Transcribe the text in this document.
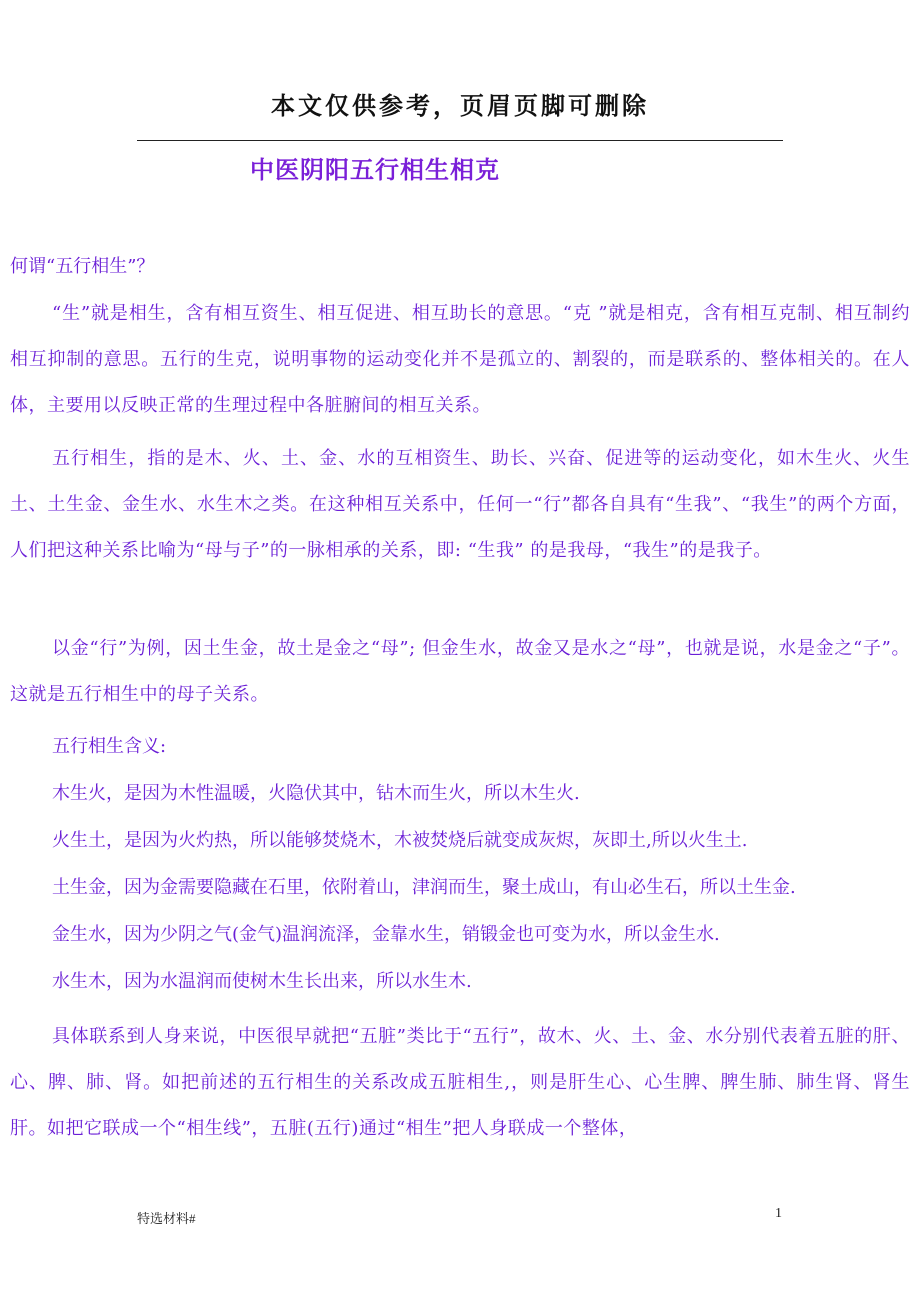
本文仅供参考，页眉页脚可删除
中医阴阳五行相生相克
何谓“五行相生”？
“生”就是相生，含有相互资生、相互促进、相互助长的意思。“克 ”就是相克，含有相互克制、相互制约相互抑制的意思。五行的生克，说明事物的运动变化并不是孤立的、割裂的，而是联系的、整体相关的。在人体，主要用以反映正常的生理过程中各脏腑间的相互关系。
五行相生，指的是木、火、土、金、水的互相资生、助长、兴奋、促进等的运动变化，如木生火、火生土、土生金、金生水、水生木之类。在这种相互关系中，任何一“行”都各自具有“生我”、“我生”的两个方面，人们把这种关系比喻为“母与子”的一脉相承的关系，即: “生我” 的是我母，“我生”的是我子。
以金“行”为例，因土生金，故土是金之“母”; 但金生水，故金又是水之“母”，也就是说，水是金之“子”。这就是五行相生中的母子关系。
五行相生含义:
木生火，是因为木性温暖，火隐伏其中，钻木而生火，所以木生火.
火生土，是因为火灼热，所以能够焚烧木，木被焚烧后就变成灰烬，灰即土,所以火生土.
土生金，因为金需要隐藏在石里，依附着山，津润而生，聚土成山，有山必生石，所以土生金.
金生水，因为少阴之气(金气)温润流泽，金靠水生，销锻金也可变为水，所以金生水.
水生木，因为水温润而使树木生长出来，所以水生木.
具体联系到人身来说，中医很早就把“五脏”类比于“五行”，故木、火、土、金、水分别代表着五脏的肝、心、脾、肺、肾。如把前述的五行相生的关系改成五脏相生,，则是肝生心、心生脾、脾生肺、肺生肾、肾生肝。如把它联成一个“相生线”，五脏(五行)通过“相生”把人身联成一个整体，
特选材料#	1
